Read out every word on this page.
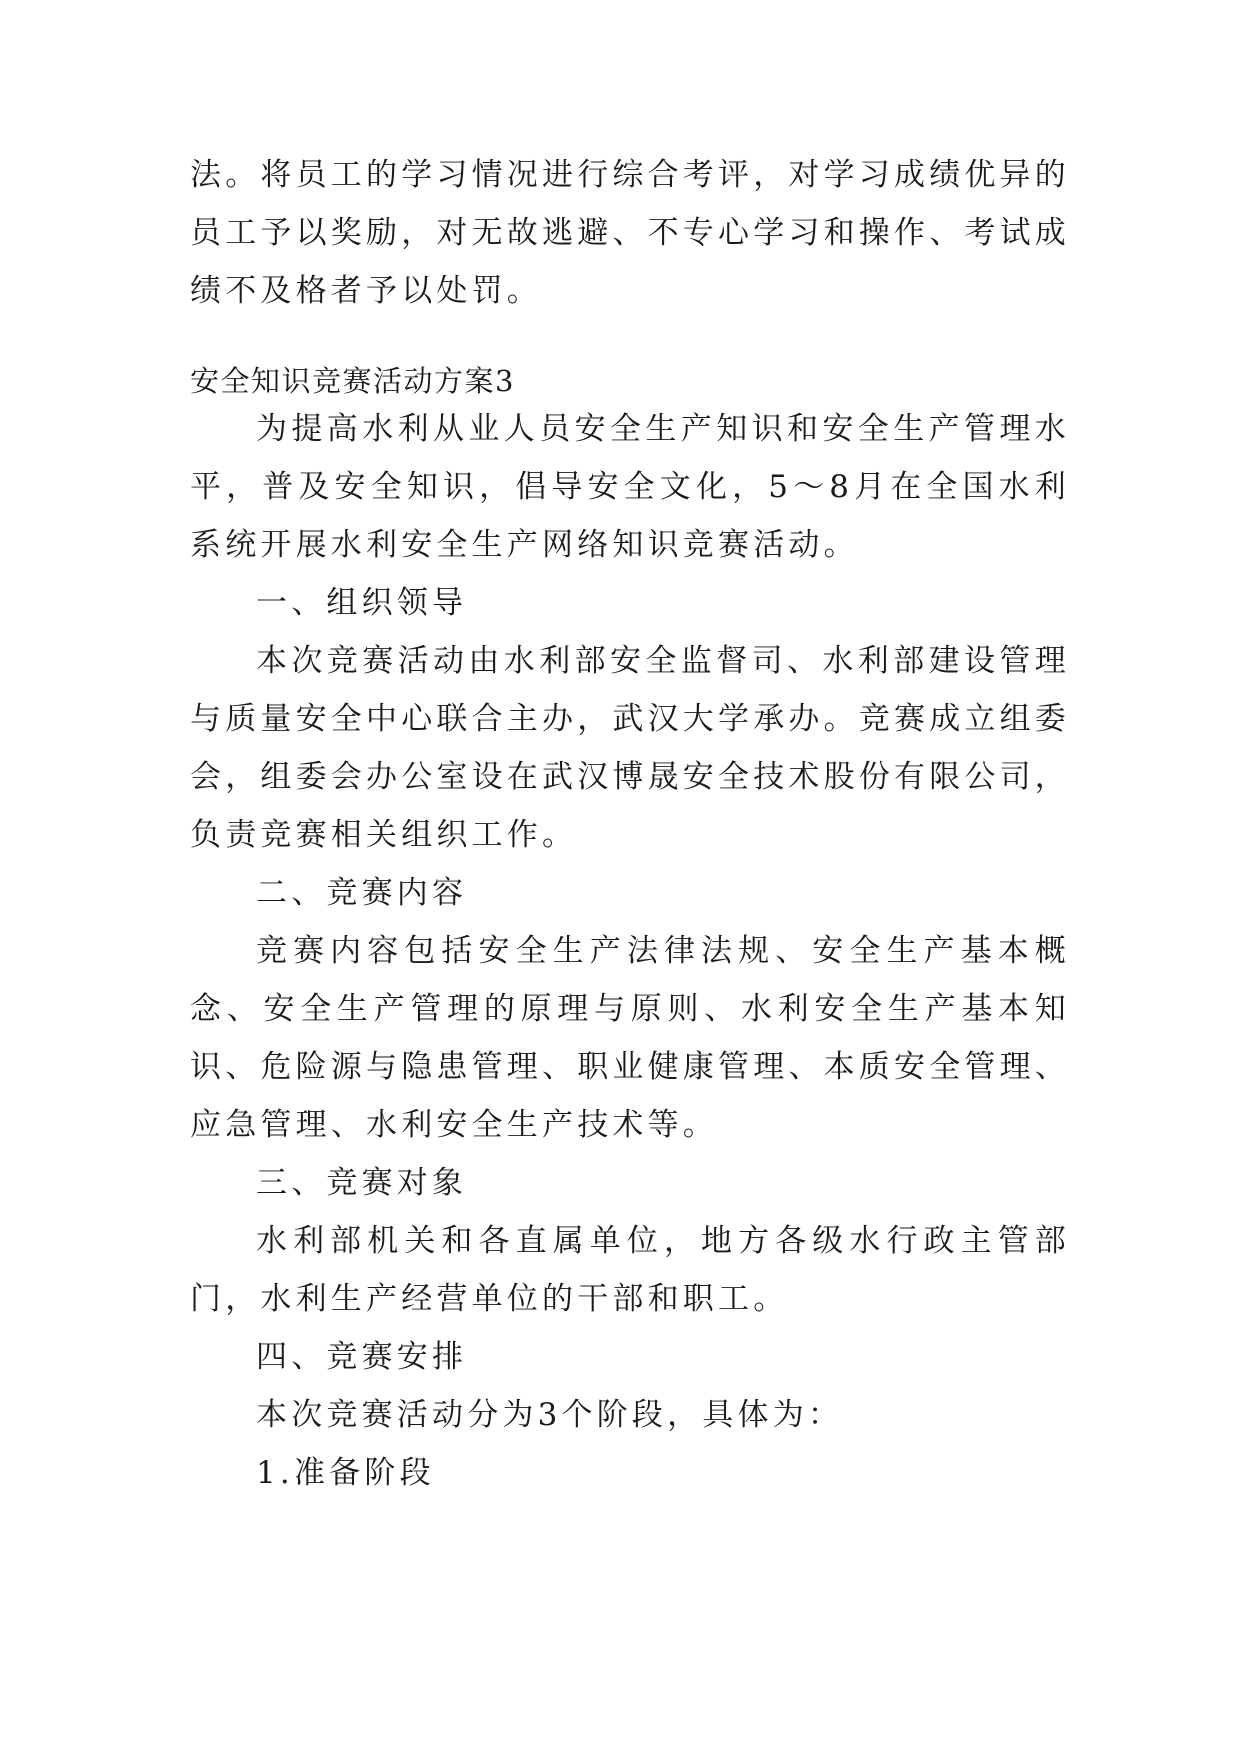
法。将员工的学习情况进行综合考评，对学习成绩优异的员工予以奖励，对无故逃避、不专心学习和操作、考试成绩不及格者予以处罚。

安全知识竞赛活动方案3

为提高水利从业人员安全生产知识和安全生产管理水平，普及安全知识，倡导安全文化，5～8月在全国水利系统开展水利安全生产网络知识竞赛活动。

一、组织领导

本次竞赛活动由水利部安全监督司、水利部建设管理与质量安全中心联合主办，武汉大学承办。竞赛成立组委会，组委会办公室设在武汉博晟安全技术股份有限公司，负责竞赛相关组织工作。

二、竞赛内容

竞赛内容包括安全生产法律法规、安全生产基本概念、安全生产管理的原理与原则、水利安全生产基本知识、危险源与隐患管理、职业健康管理、本质安全管理、应急管理、水利安全生产技术等。

三、竞赛对象

水利部机关和各直属单位，地方各级水行政主管部门，水利生产经营单位的干部和职工。

四、竞赛安排

本次竞赛活动分为3个阶段，具体为：

1.准备阶段
